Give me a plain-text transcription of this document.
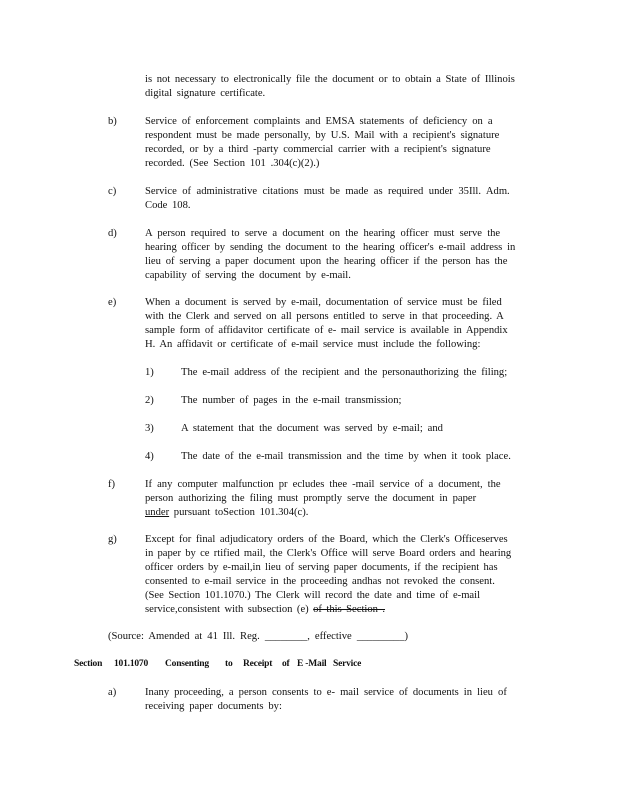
is not necessary to electronically file the document or to obtain a State of Illinois
digital signature certificate.
b)	Service of enforcement complaints and EMSA statements of deficiency on a
respondent must be made personally, by U.S. Mail with a recipient's signature
recorded, or by a third -party commercial carrier with a recipient's signature
recorded. (See Section 101 .304(c)(2).)
c)	Service of administrative citations must be made as required under 35Ill. Adm.
Code 108.
d)	A person required to serve a document on the hearing officer must serve the
hearing officer by sending the document to the hearing officer's e-mail address in
lieu of serving a paper document upon the hearing officer if the person has the
capability of serving the document by e-mail.
e)	When a document is served by e-mail, documentation of service must be filed
with the Clerk and served on all persons entitled to serve in that proceeding. A
sample form of affidavitor certificate of e- mail service is available in Appendix
H. An affidavit or certificate of e-mail service must include the following:
1)	The e-mail address of the recipient and the personauthorizing the filing;
2)	The number of pages in the e-mail transmission;
3)	A statement that the document was served by e-mail; and
4)	The date of the e-mail transmission and the time by when it took place.
f)	If any computer malfunction pr ecludes thee -mail service of a document, the
person authorizing the filing must promptly serve the document in paper
under pursuant toSection 101.304(c).
g)	Except for final adjudicatory orders of the Board, which the Clerk's Officeserves
in paper by ce rtified mail, the Clerk's Office will serve Board orders and hearing
officer orders by e-mail,in lieu of serving paper documents, if the recipient has
consented to e-mail service in the proceeding andhas not revoked the consent.
(See Section 101.1070.) The Clerk will record the date and time of e-mail
service,consistent with subsection (e) of this Section .
(Source: Amended at 41 Ill. Reg. ________, effective _________)
Section 101.1070 Consenting to Receipt of E -Mail Service
a)	Inany proceeding, a person consents to e- mail service of documents in lieu of
receiving paper documents by:
